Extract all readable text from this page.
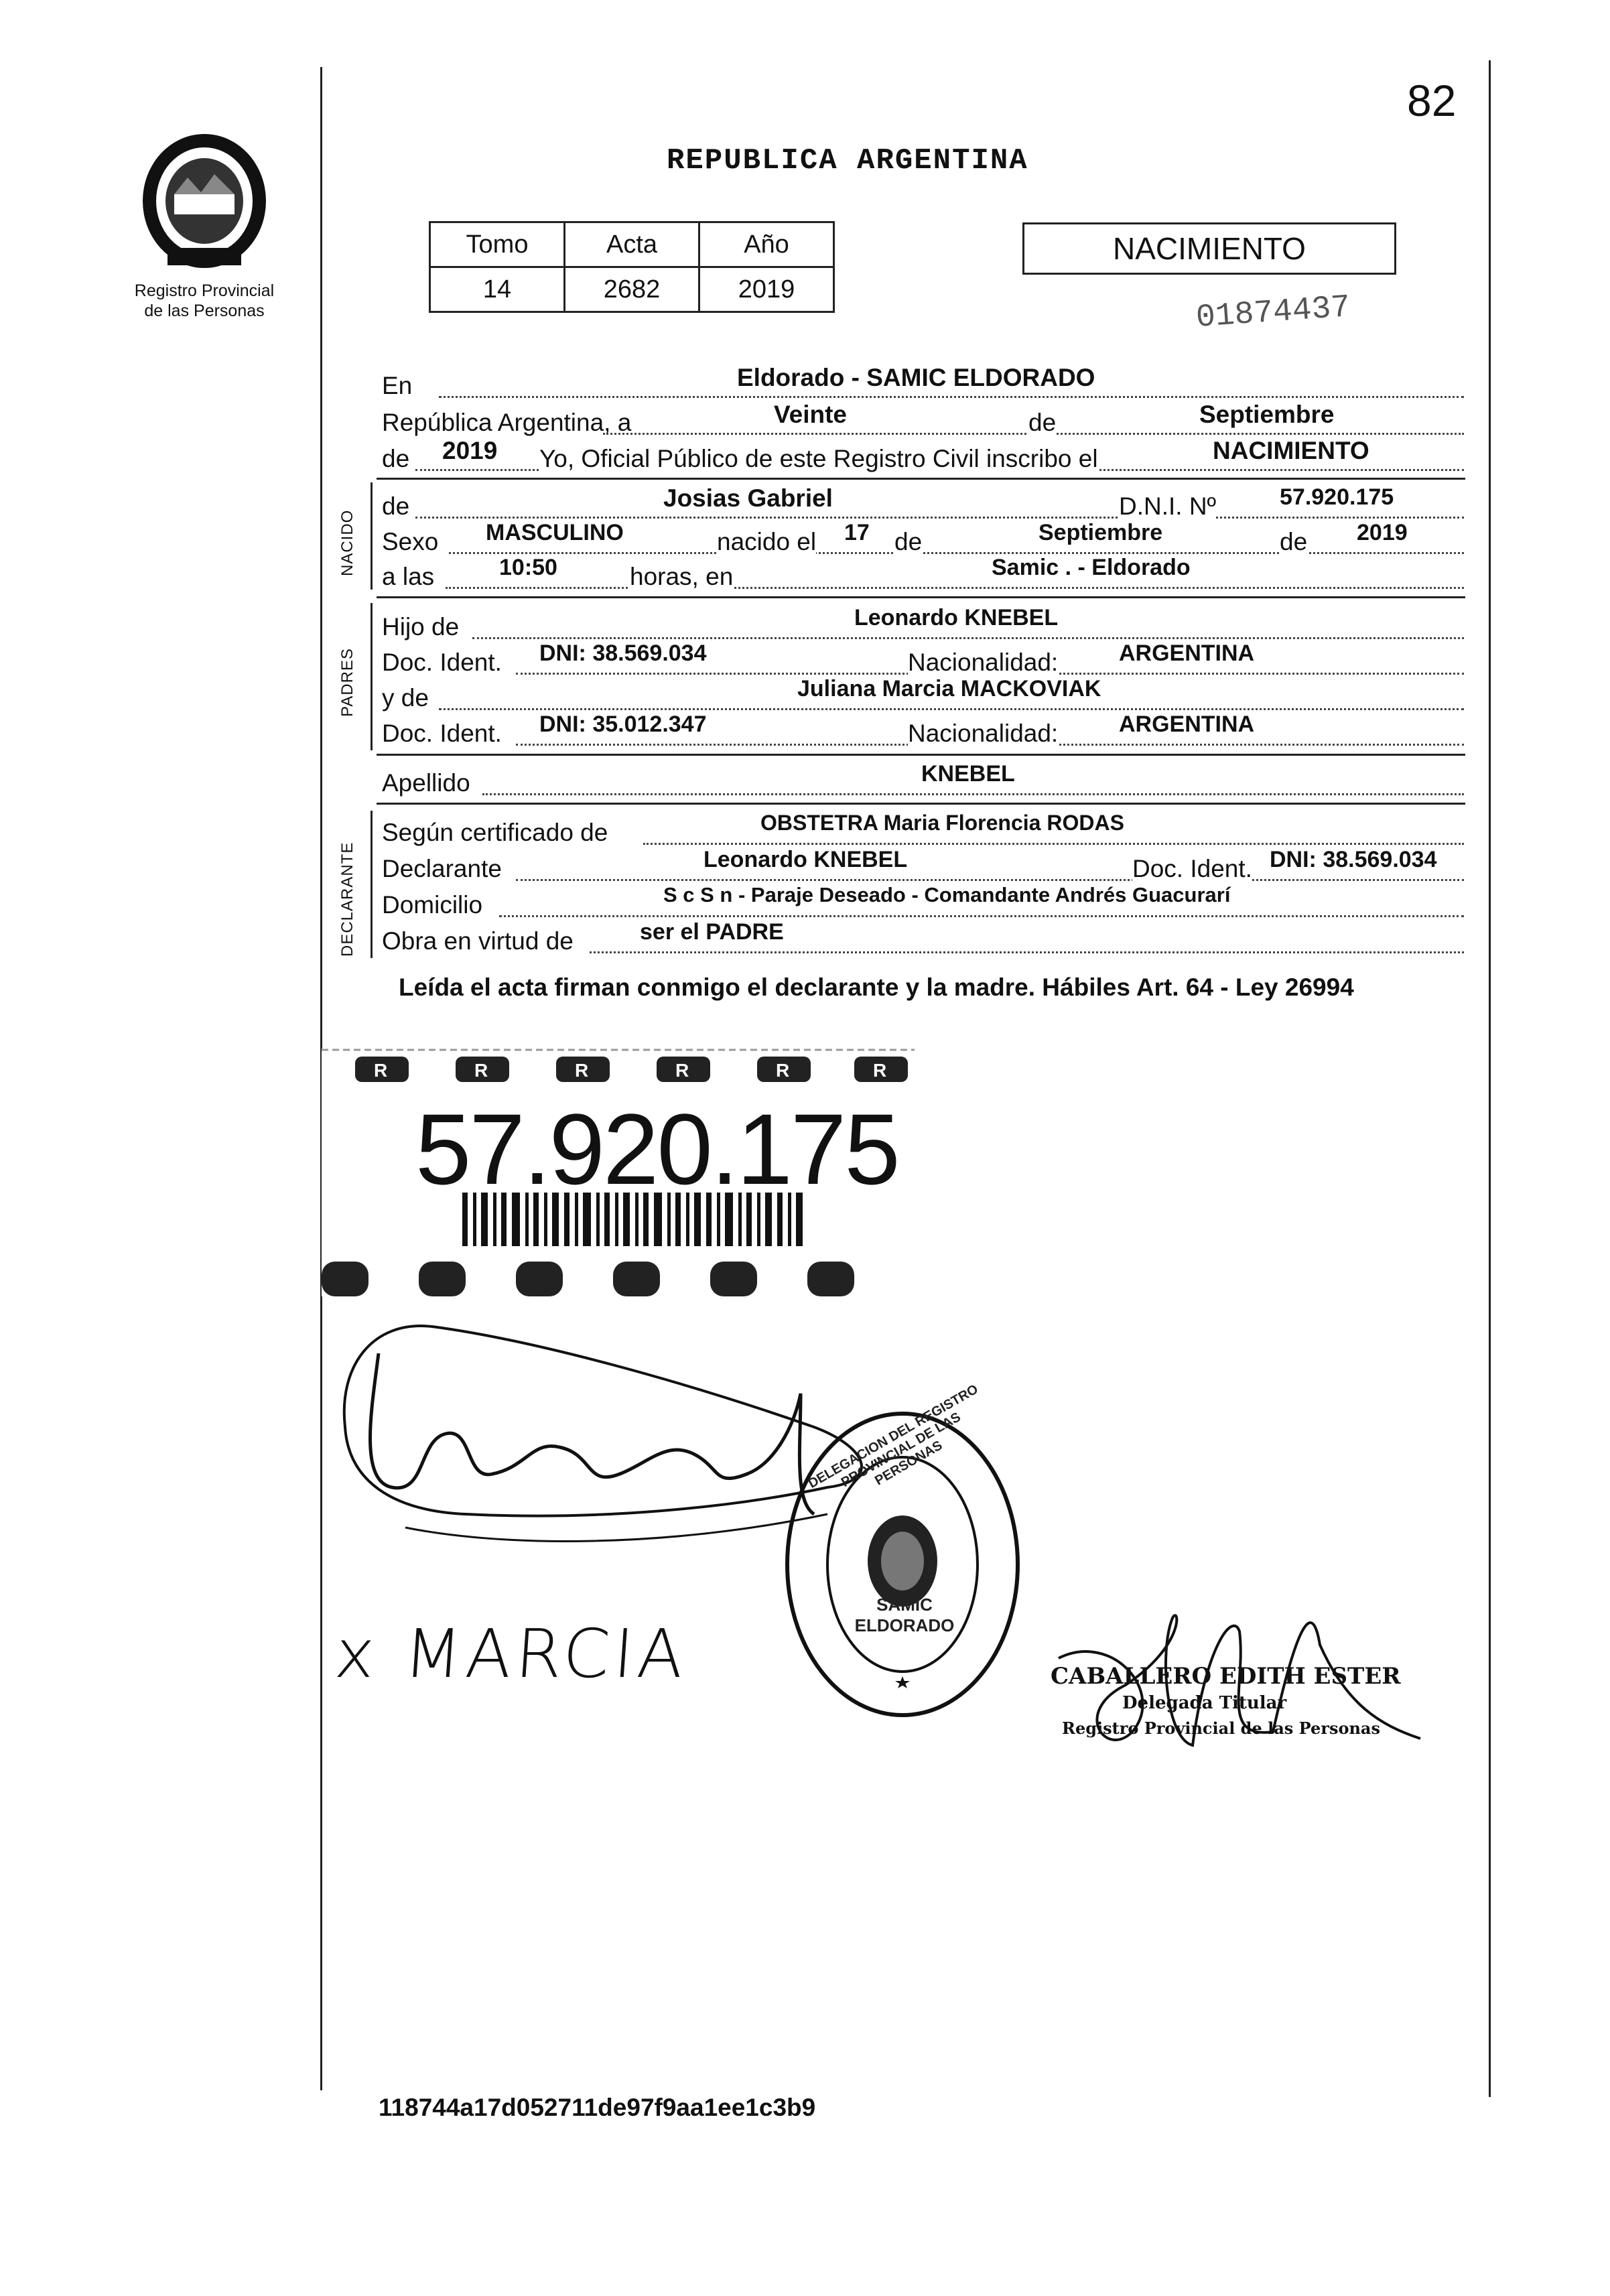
82
Registro Provincial
de las Personas
REPUBLICA ARGENTINA
Tomo	Acta	Año
14	2682	2019
NACIMIENTO
01874437
En	Eldorado - SAMIC ELDORADO
República Argentina, a	Veinte	de	Septiembre
de 2019 Yo, Oficial Público de este Registro Civil inscribo el	NACIMIENTO
NACIDO
de	Josias Gabriel	D.N.I. Nº	57.920.175
Sexo MASCULINO	nacido el 17 de	Septiembre	de 2019
a las	10:50	horas, en	Samic . - Eldorado
PADRES
Hijo de	Leonardo KNEBEL
Doc. Ident. DNI: 38.569.034	Nacionalidad:	ARGENTINA
y de	Juliana Marcia MACKOVIAK
Doc. Ident. DNI: 35.012.347	Nacionalidad:	ARGENTINA
Apellido	KNEBEL
DECLARANTE
Según certificado de	OBSTETRA Maria Florencia RODAS
Declarante	Leonardo KNEBEL	Doc. Ident. DNI: 38.569.034
Domicilio	S c S n - Paraje Deseado - Comandante Andrés Guacurarí
Obra en virtud de	ser el PADRE
Leída el acta firman conmigo el declarante y la madre. Hábiles Art. 64 - Ley 26994
R	R	R	R	R	R
57.920.175
x MARCIA
DELEGACION DEL REGISTRO PROVINCIAL DE LAS PERSONAS
SAMIC ELDORADO
CABALLERO EDITH ESTER
Delegada Titular
Registro Provincial de las Personas
118744a17d052711de97f9aa1ee1c3b9
